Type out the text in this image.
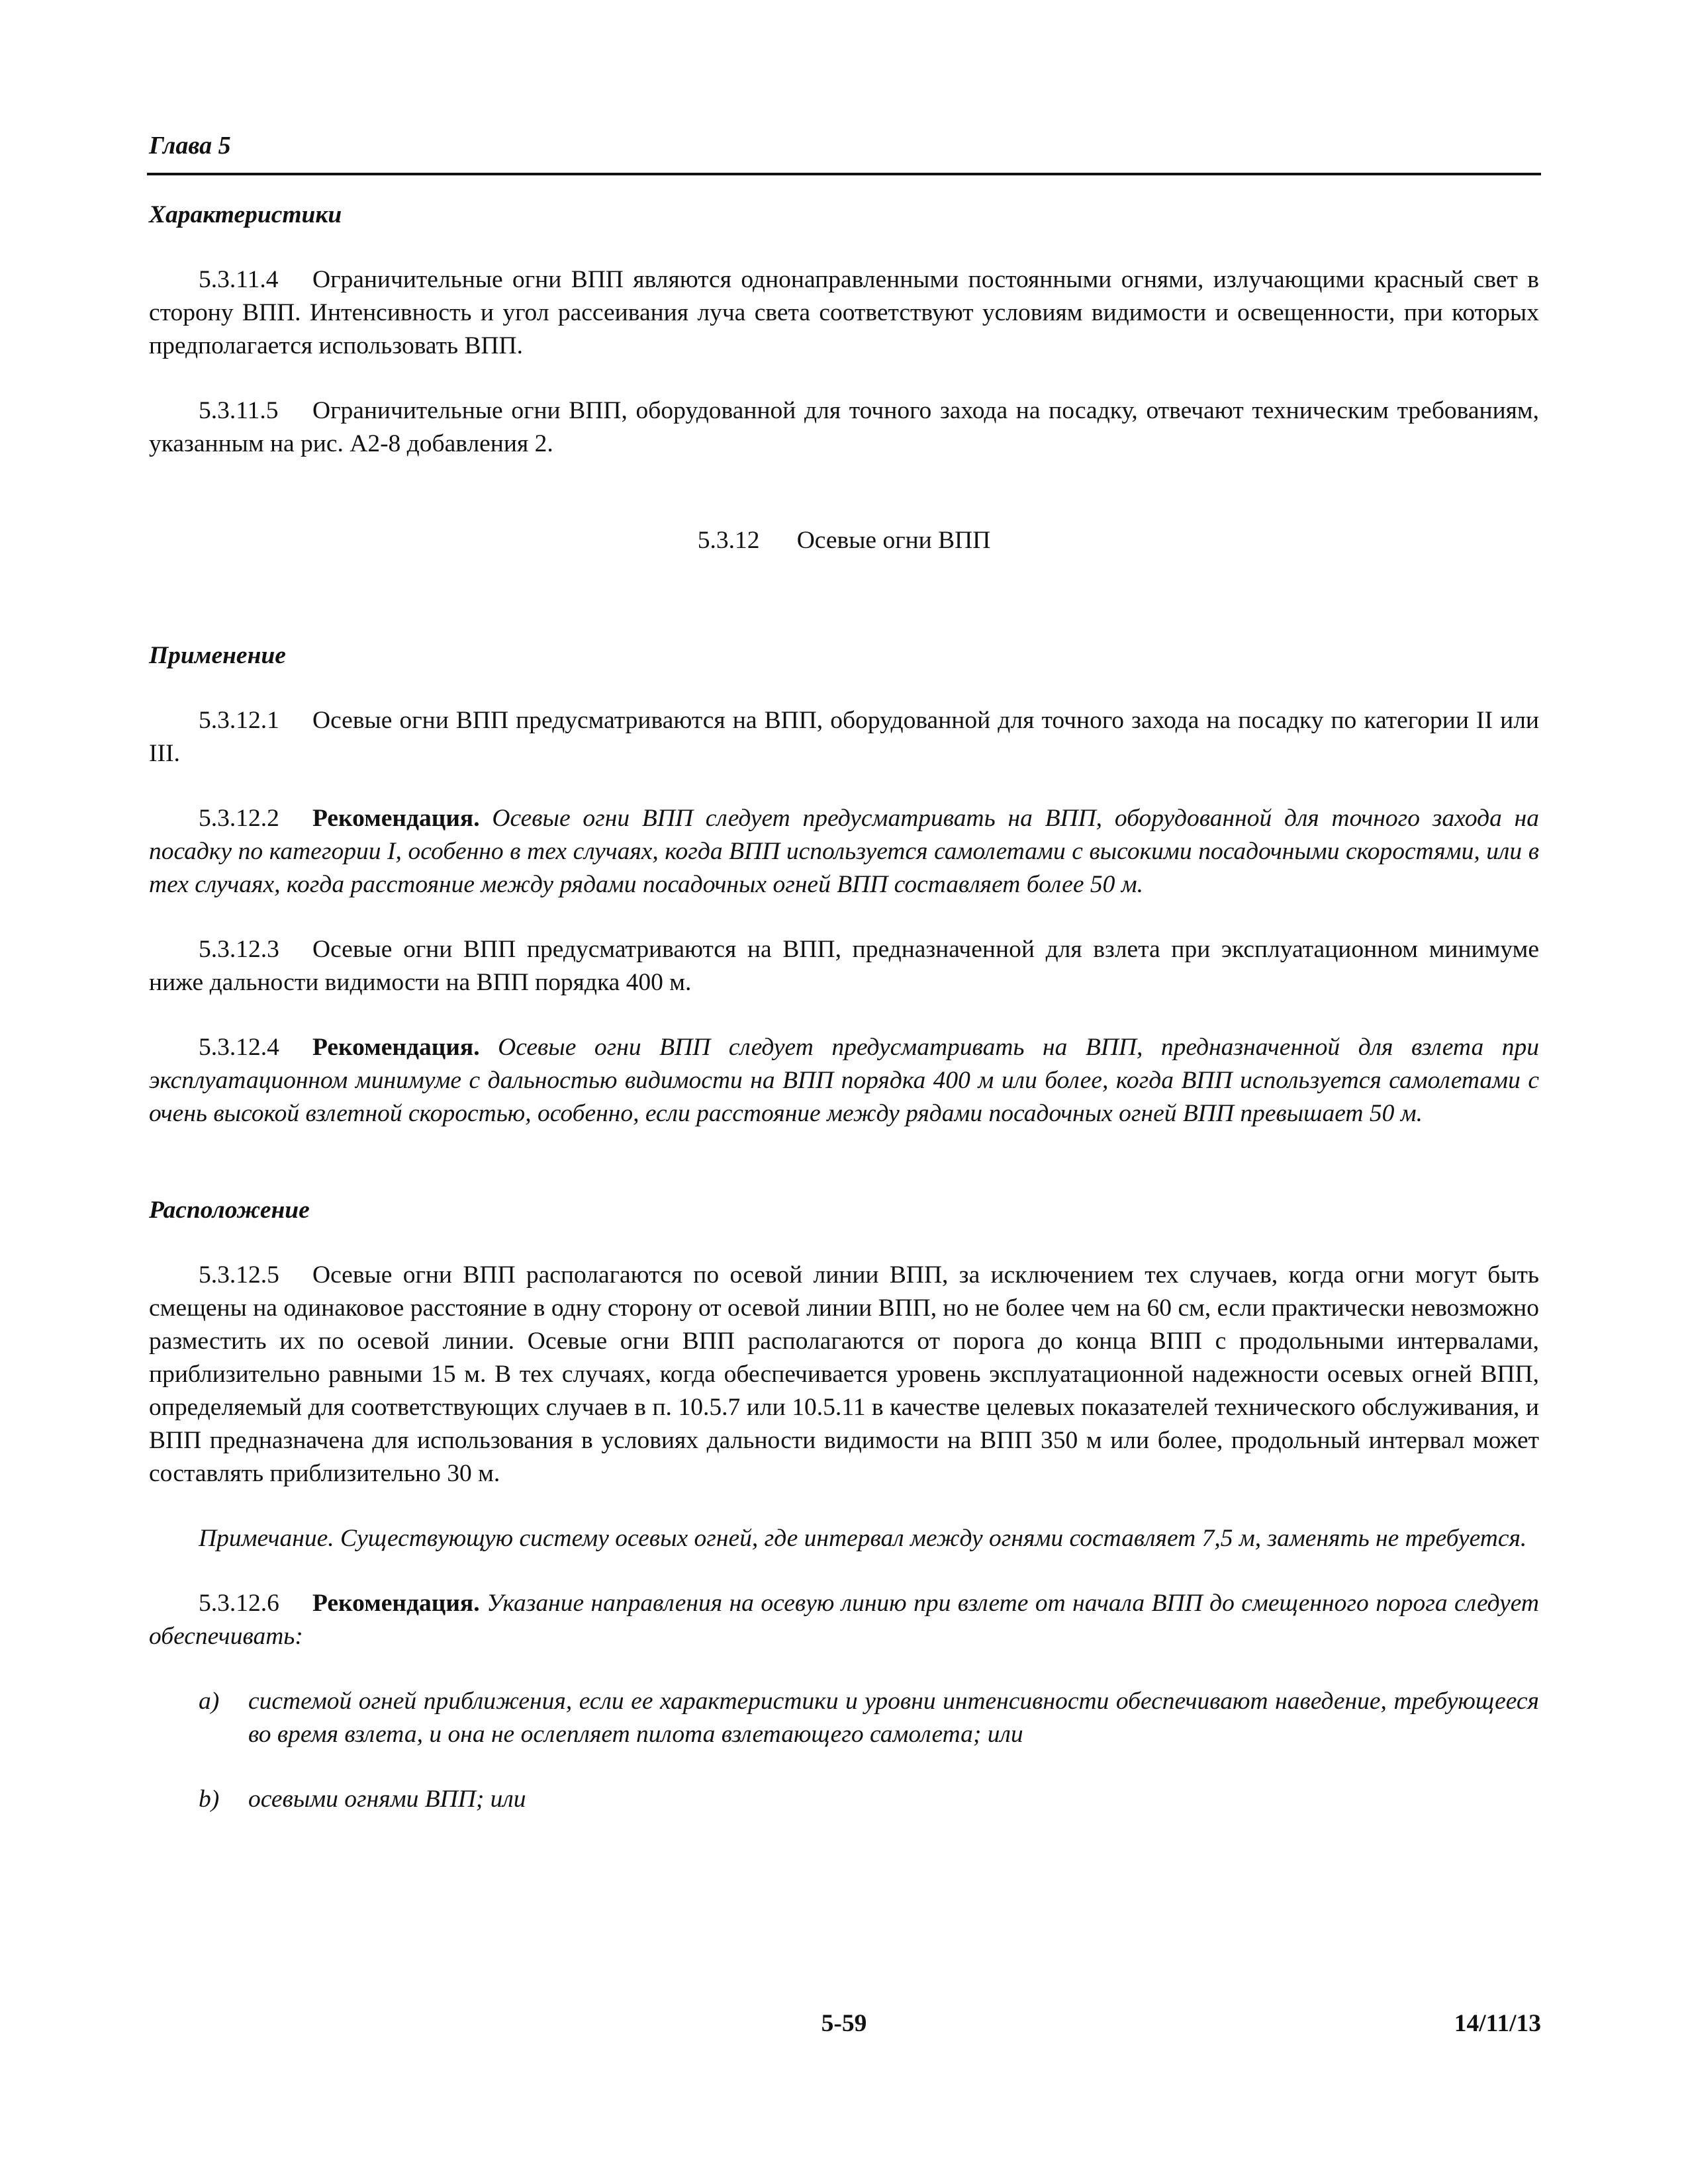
Глава 5

Характеристики

5.3.11.4 Ограничительные огни ВПП являются однонаправленными постоянными огнями, излучающими красный свет в сторону ВПП. Интенсивность и угол рассеивания луча света соответствуют условиям видимости и освещенности, при которых предполагается использовать ВПП.

5.3.11.5 Ограничительные огни ВПП, оборудованной для точного захода на посадку, отвечают техническим требованиям, указанным на рис. А2-8 добавления 2.

5.3.12 Осевые огни ВПП

Применение

5.3.12.1 Осевые огни ВПП предусматриваются на ВПП, оборудованной для точного захода на посадку по категории II или III.

5.3.12.2 Рекомендация. Осевые огни ВПП следует предусматривать на ВПП, оборудованной для точного захода на посадку по категории I, особенно в тех случаях, когда ВПП используется самолетами с высокими посадочными скоростями, или в тех случаях, когда расстояние между рядами посадочных огней ВПП составляет более 50 м.

5.3.12.3 Осевые огни ВПП предусматриваются на ВПП, предназначенной для взлета при эксплуатационном минимуме ниже дальности видимости на ВПП порядка 400 м.

5.3.12.4 Рекомендация. Осевые огни ВПП следует предусматривать на ВПП, предназначенной для взлета при эксплуатационном минимуме с дальностью видимости на ВПП порядка 400 м или более, когда ВПП используется самолетами с очень высокой взлетной скоростью, особенно, если расстояние между рядами посадочных огней ВПП превышает 50 м.

Расположение

5.3.12.5 Осевые огни ВПП располагаются по осевой линии ВПП, за исключением тех случаев, когда огни могут быть смещены на одинаковое расстояние в одну сторону от осевой линии ВПП, но не более чем на 60 см, если практически невозможно разместить их по осевой линии. Осевые огни ВПП располагаются от порога до конца ВПП с продольными интервалами, приблизительно равными 15 м. В тех случаях, когда обеспечивается уровень эксплуатационной надежности осевых огней ВПП, определяемый для соответствующих случаев в п. 10.5.7 или 10.5.11 в качестве целевых показателей технического обслуживания, и ВПП предназначена для использования в условиях дальности видимости на ВПП 350 м или более, продольный интервал может составлять приблизительно 30 м.

Примечание. Существующую систему осевых огней, где интервал между огнями составляет 7,5 м, заменять не требуется.

5.3.12.6 Рекомендация. Указание направления на осевую линию при взлете от начала ВПП до смещенного порога следует обеспечивать:

a) системой огней приближения, если ее характеристики и уровни интенсивности обеспечивают наведение, требующееся во время взлета, и она не ослепляет пилота взлетающего самолета; или

b) осевыми огнями ВПП; или

5-59	14/11/13
